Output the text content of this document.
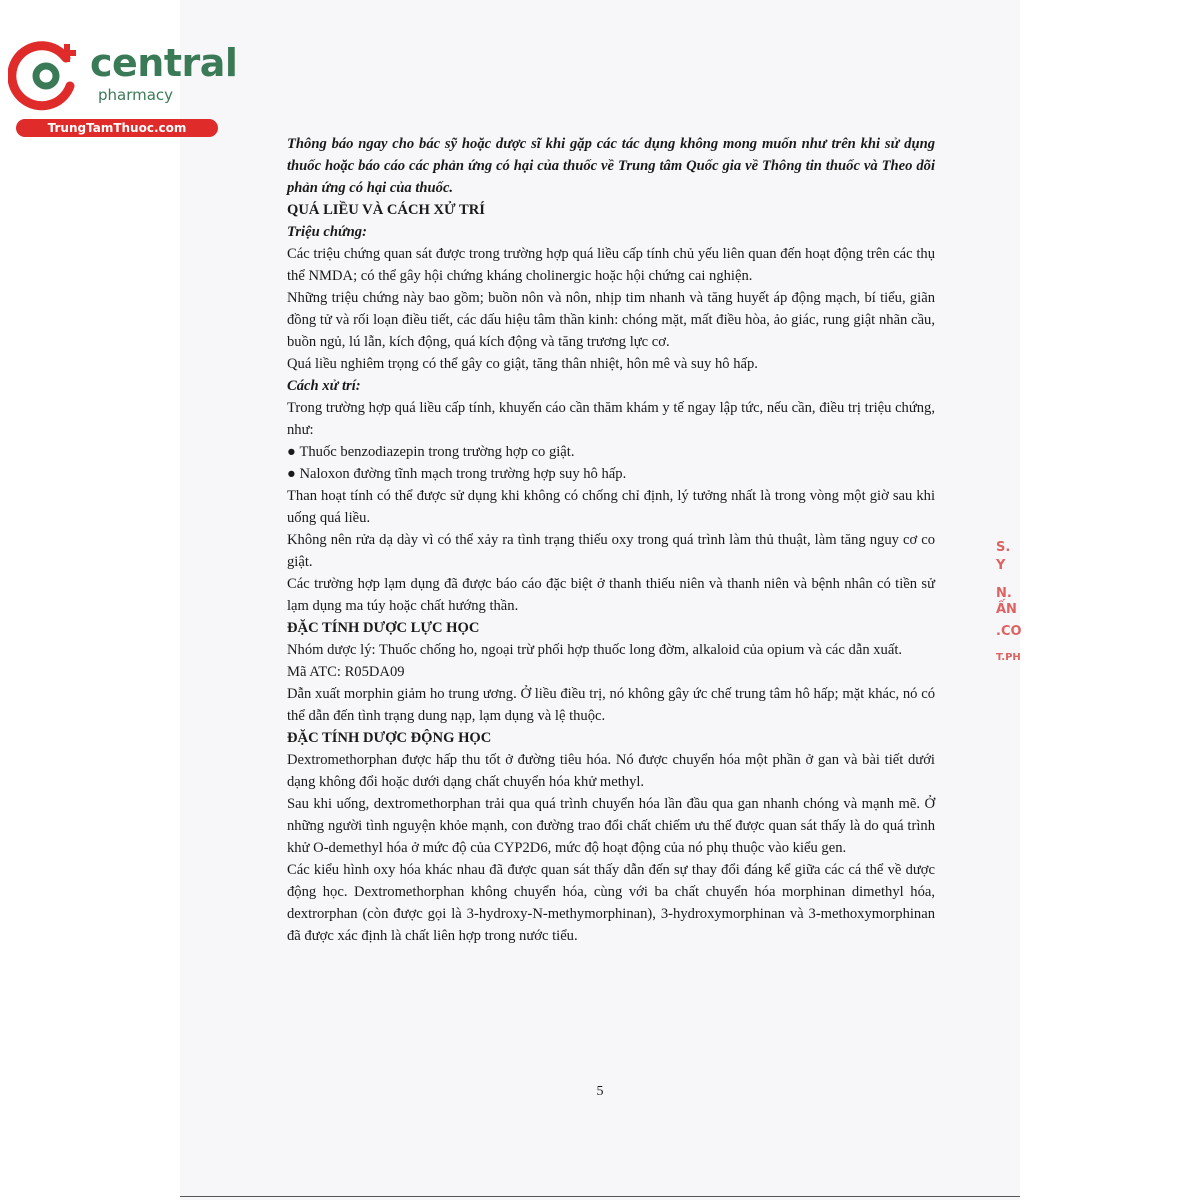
central
pharmacy
TrungTamThuoc.com

Thông báo ngay cho bác sỹ hoặc dược sĩ khi gặp các tác dụng không mong muốn như trên khi sử dụng thuốc hoặc báo cáo các phản ứng có hại của thuốc về Trung tâm Quốc gia về Thông tin thuốc và Theo dõi phản ứng có hại của thuốc.

QUÁ LIỀU VÀ CÁCH XỬ TRÍ

Triệu chứng:

Các triệu chứng quan sát được trong trường hợp quá liều cấp tính chủ yếu liên quan đến hoạt động trên các thụ thể NMDA; có thể gây hội chứng kháng cholinergic hoặc hội chứng cai nghiện.

Những triệu chứng này bao gồm; buồn nôn và nôn, nhịp tim nhanh và tăng huyết áp động mạch, bí tiểu, giãn đồng tử và rối loạn điều tiết, các dấu hiệu tâm thần kinh: chóng mặt, mất điều hòa, ảo giác, rung giật nhãn cầu, buồn ngủ, lú lẫn, kích động, quá kích động và tăng trương lực cơ.

Quá liều nghiêm trọng có thể gây co giật, tăng thân nhiệt, hôn mê và suy hô hấp.

Cách xử trí:

Trong trường hợp quá liều cấp tính, khuyến cáo cần thăm khám y tế ngay lập tức, nếu cần, điều trị triệu chứng, như:

● Thuốc benzodiazepin trong trường hợp co giật.

● Naloxon đường tĩnh mạch trong trường hợp suy hô hấp.

Than hoạt tính có thể được sử dụng khi không có chống chỉ định, lý tưởng nhất là trong vòng một giờ sau khi uống quá liều.

Không nên rửa dạ dày vì có thể xảy ra tình trạng thiếu oxy trong quá trình làm thủ thuật, làm tăng nguy cơ co giật.

Các trường hợp lạm dụng đã được báo cáo đặc biệt ở thanh thiếu niên và thanh niên và bệnh nhân có tiền sử lạm dụng ma túy hoặc chất hướng thần.

ĐẶC TÍNH DƯỢC LỰC HỌC

Nhóm dược lý: Thuốc chống ho, ngoại trừ phối hợp thuốc long đờm, alkaloid của opium và các dẫn xuất.

Mã ATC: R05DA09

Dẫn xuất morphin giảm ho trung ương. Ở liều điều trị, nó không gây ức chế trung tâm hô hấp; mặt khác, nó có thể dẫn đến tình trạng dung nạp, lạm dụng và lệ thuộc.

ĐẶC TÍNH DƯỢC ĐỘNG HỌC

Dextromethorphan được hấp thu tốt ở đường tiêu hóa. Nó được chuyển hóa một phần ở gan và bài tiết dưới dạng không đổi hoặc dưới dạng chất chuyển hóa khử methyl.

Sau khi uống, dextromethorphan trải qua quá trình chuyển hóa lần đầu qua gan nhanh chóng và mạnh mẽ. Ở những người tình nguyện khỏe mạnh, con đường trao đổi chất chiếm ưu thế được quan sát thấy là do quá trình khử O-demethyl hóa ở mức độ của CYP2D6, mức độ hoạt động của nó phụ thuộc vào kiểu gen.

Các kiểu hình oxy hóa khác nhau đã được quan sát thấy dẫn đến sự thay đổi đáng kể giữa các cá thể về dược động học. Dextromethorphan không chuyển hóa, cùng với ba chất chuyển hóa morphinan dimethyl hóa, dextrorphan (còn được gọi là 3-hydroxy-N-methymorphinan), 3-hydroxymorphinan và 3-methoxymorphinan đã được xác định là chất liên hợp trong nước tiểu.

5
S.
Y
N.
ẤN
.CO
T.PH
